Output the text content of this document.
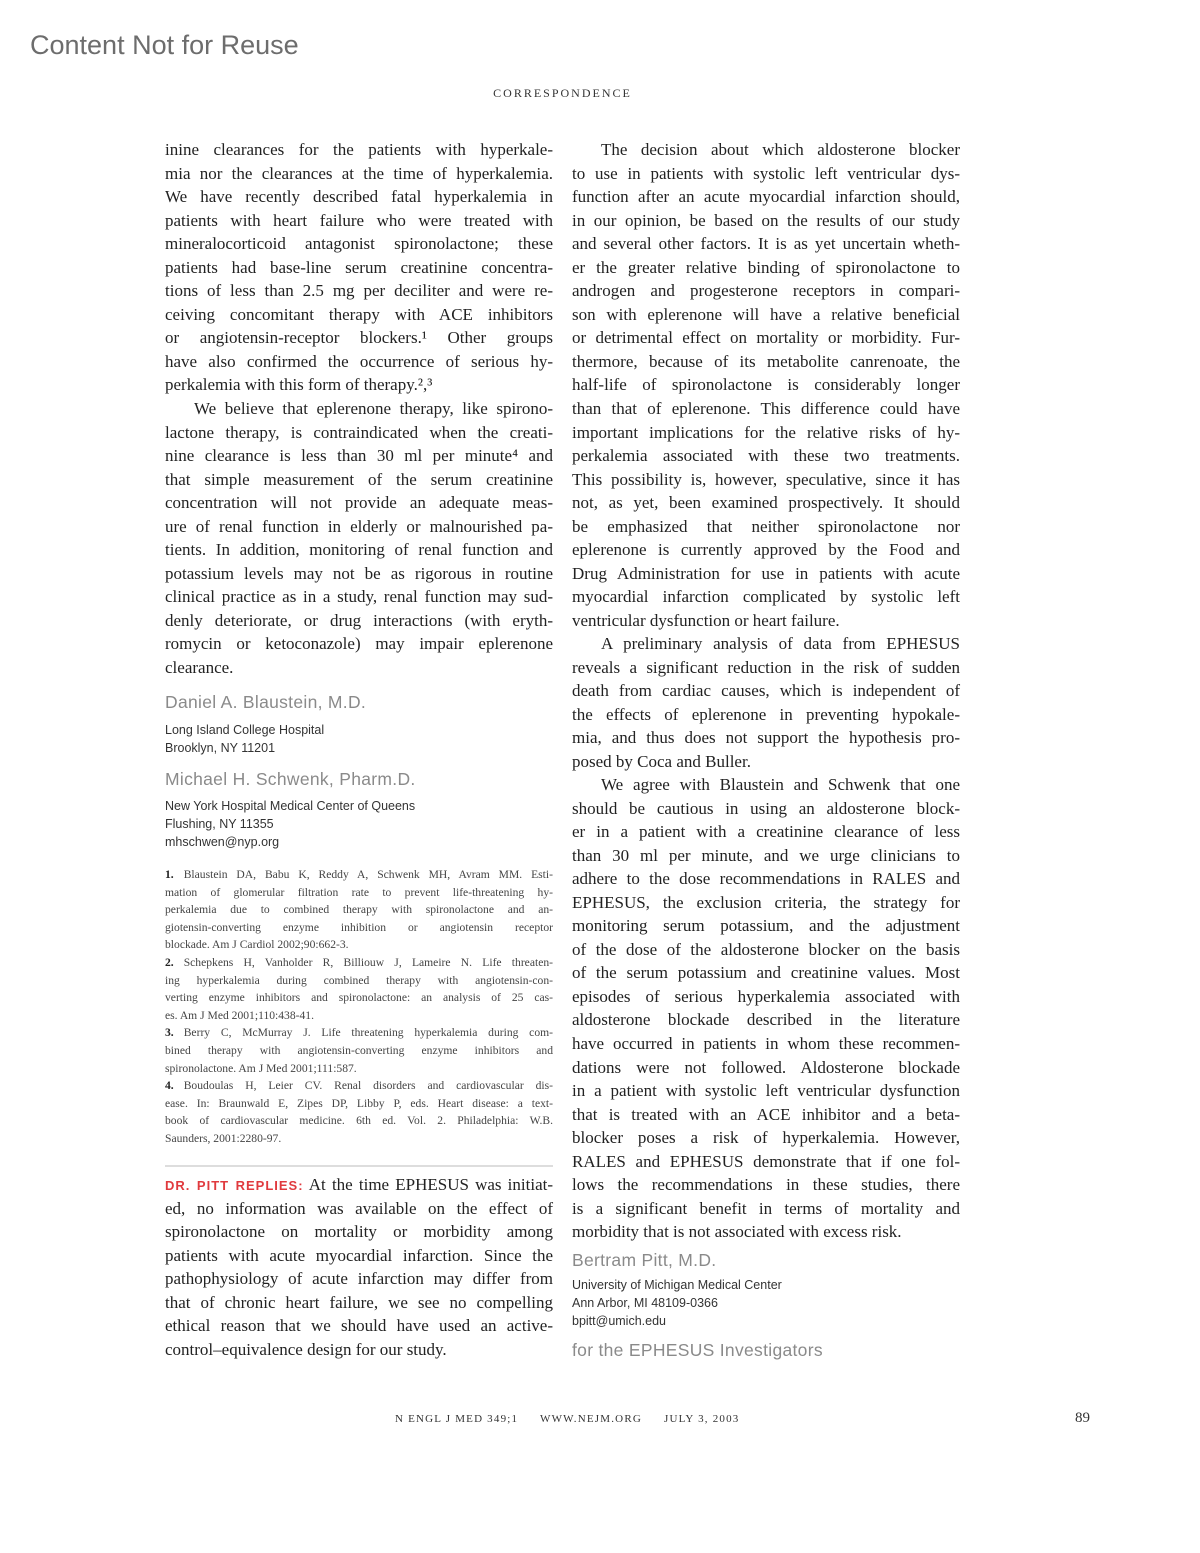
Content Not for Reuse
CORRESPONDENCE
inine clearances for the patients with hyperkale-
mia nor the clearances at the time of hyperkalemia.
We have recently described fatal hyperkalemia in
patients with heart failure who were treated with
mineralocorticoid antagonist spironolactone; these
patients had base-line serum creatinine concentra-
tions of less than 2.5 mg per deciliter and were re-
ceiving concomitant therapy with ACE inhibitors
or angiotensin-receptor blockers.¹ Other groups
have also confirmed the occurrence of serious hy-
perkalemia with this form of therapy.²,³
We believe that eplerenone therapy, like spirono-
lactone therapy, is contraindicated when the creati-
nine clearance is less than 30 ml per minute⁴ and
that simple measurement of the serum creatinine
concentration will not provide an adequate meas-
ure of renal function in elderly or malnourished pa-
tients. In addition, monitoring of renal function and
potassium levels may not be as rigorous in routine
clinical practice as in a study, renal function may sud-
denly deteriorate, or drug interactions (with eryth-
romycin or ketoconazole) may impair eplerenone
clearance.
Daniel A. Blaustein, M.D.
Long Island College Hospital
Brooklyn, NY 11201
Michael H. Schwenk, Pharm.D.
New York Hospital Medical Center of Queens
Flushing, NY 11355
mhschwen@nyp.org
1. Blaustein DA, Babu K, Reddy A, Schwenk MH, Avram MM. Esti-
mation of glomerular filtration rate to prevent life-threatening hy-
perkalemia due to combined therapy with spironolactone and an-
giotensin-converting enzyme inhibition or angiotensin receptor
blockade. Am J Cardiol 2002;90:662-3.
2. Schepkens H, Vanholder R, Billiouw J, Lameire N. Life threaten-
ing hyperkalemia during combined therapy with angiotensin-con-
verting enzyme inhibitors and spironolactone: an analysis of 25 cas-
es. Am J Med 2001;110:438-41.
3. Berry C, McMurray J. Life threatening hyperkalemia during com-
bined therapy with angiotensin-converting enzyme inhibitors and
spironolactone. Am J Med 2001;111:587.
4. Boudoulas H, Leier CV. Renal disorders and cardiovascular dis-
ease. In: Braunwald E, Zipes DP, Libby P, eds. Heart disease: a text-
book of cardiovascular medicine. 6th ed. Vol. 2. Philadelphia: W.B.
Saunders, 2001:2280-97.
DR. PITT REPLIES: At the time EPHESUS was initiat-
ed, no information was available on the effect of
spironolactone on mortality or morbidity among
patients with acute myocardial infarction. Since the
pathophysiology of acute infarction may differ from
that of chronic heart failure, we see no compelling
ethical reason that we should have used an active-
control–equivalence design for our study.
The decision about which aldosterone blocker
to use in patients with systolic left ventricular dys-
function after an acute myocardial infarction should,
in our opinion, be based on the results of our study
and several other factors. It is as yet uncertain wheth-
er the greater relative binding of spironolactone to
androgen and progesterone receptors in compari-
son with eplerenone will have a relative beneficial
or detrimental effect on mortality or morbidity. Fur-
thermore, because of its metabolite canrenoate, the
half-life of spironolactone is considerably longer
than that of eplerenone. This difference could have
important implications for the relative risks of hy-
perkalemia associated with these two treatments.
This possibility is, however, speculative, since it has
not, as yet, been examined prospectively. It should
be emphasized that neither spironolactone nor
eplerenone is currently approved by the Food and
Drug Administration for use in patients with acute
myocardial infarction complicated by systolic left
ventricular dysfunction or heart failure.
A preliminary analysis of data from EPHESUS
reveals a significant reduction in the risk of sudden
death from cardiac causes, which is independent of
the effects of eplerenone in preventing hypokale-
mia, and thus does not support the hypothesis pro-
posed by Coca and Buller.
We agree with Blaustein and Schwenk that one
should be cautious in using an aldosterone block-
er in a patient with a creatinine clearance of less
than 30 ml per minute, and we urge clinicians to
adhere to the dose recommendations in RALES and
EPHESUS, the exclusion criteria, the strategy for
monitoring serum potassium, and the adjustment
of the dose of the aldosterone blocker on the basis
of the serum potassium and creatinine values. Most
episodes of serious hyperkalemia associated with
aldosterone blockade described in the literature
have occurred in patients in whom these recommen-
dations were not followed. Aldosterone blockade
in a patient with systolic left ventricular dysfunction
that is treated with an ACE inhibitor and a beta-
blocker poses a risk of hyperkalemia. However,
RALES and EPHESUS demonstrate that if one fol-
lows the recommendations in these studies, there
is a significant benefit in terms of mortality and
morbidity that is not associated with excess risk.
Bertram Pitt, M.D.
University of Michigan Medical Center
Ann Arbor, MI 48109-0366
bpitt@umich.edu
for the EPHESUS Investigators
N ENGL J MED 349;1 WWW.NEJM.ORG JULY 3, 2003	89
